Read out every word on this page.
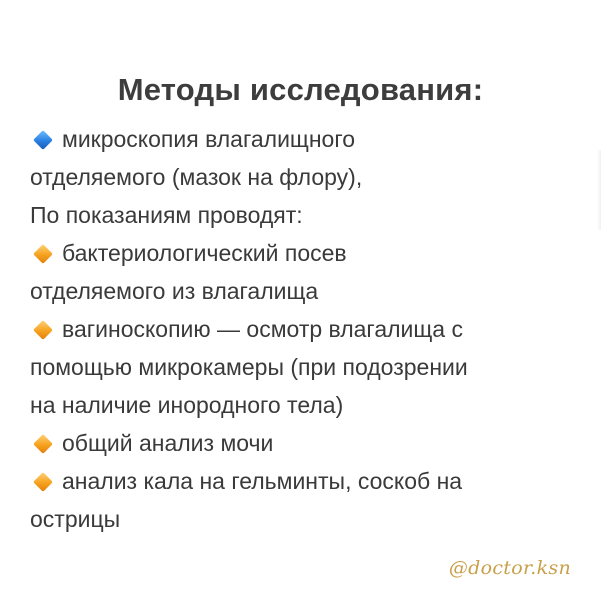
Методы исследования:
микроскопия влагалищного
отделяемого (мазок на флору),
По показаниям проводят:
бактериологический посев
отделяемого из влагалища
вагиноскопию — осмотр влагалища с
помощью микрокамеры (при подозрении
на наличие инородного тела)
общий анализ мочи
анализ кала на гельминты, соскоб на
острицы
@doctor.ksn
